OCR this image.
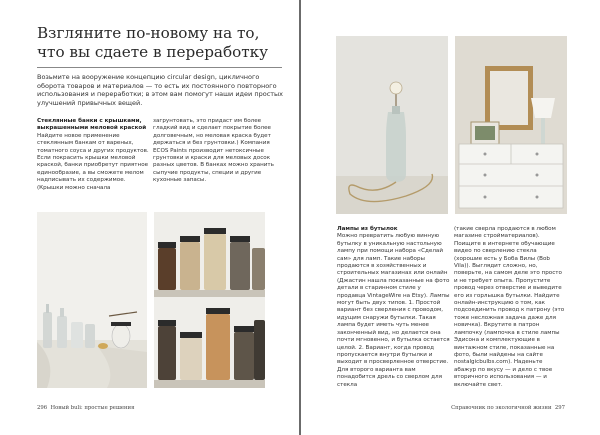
Взгляните по-новому на то,
что вы сдаете в переработку

Возьмите на вооружение концепцию circular design, цикличного оборота товаров и материалов — то есть их постоянного повторного использования и переработки; в этом вам помогут наши идеи простых улучшений привычных вещей.

Стеклянные банки с крышками, выкрашенными меловой краской

Найдите новое применение стеклянным банкам от вареных, томатного соуса и других продуктов. Если покрасить крышки меловой краской, банки приобретут приятное единообразие, а вы сможете мелом надписывать их содержимое. (Крышки можно сначала

загрунтовать, это придаст им более гладкий вид и сделает покрытие более долговечным, но меловая краска будет держаться и без грунтовки.) Компания ECOS Paints производит нетоксичные грунтовки и краски для меловых досок разных цветов. В банках можно хранить сыпучие продукты, специи и другие кухонные запасы.

296 Новый buli: простые решения

Лампы из бутылок

Можно превратить любую винную бутылку в уникальную настольную лампу при помощи набора «Сделай сам» для ламп. Такие наборы продаются в хозяйственных и строительных магазинах или онлайн (Джастин нашла показанные на фото детали в старинном стиле у продавца VintageWire на Etsy). Лампы могут быть двух типов. 1. Простой вариант без сверления с проводом, идущим снаружи бутылки. Такая лампа будет иметь чуть менее законченный вид, но делается она почти мгновенно, и бутылка остается целой. 2. Вариант, когда провод пропускается внутри бутылки и выходит в просверленное отверстие. Для второго варианта вам понадобится дрель со сверлом для стекла

(такие сверла продаются в любом магазине стройматериалов). Поищите в интернете обучающие видео по сверлению стекла (хорошие есть у Боба Вилы (Bob Vila)). Выглядит сложно, но, поверьте, на самом деле это просто и не требует опыта. Пропустите провод через отверстие и выведите его из горлышка бутылки. Найдите онлайн-инструкцию о том, как подсоединить провод к патрону (это тоже несложная задача даже для новичка). Вкрутите в патрон лампочку (лампочка в стиле лампы Эдисона и комплектующие в винтажном стиле, показанные на фото, были найдены на сайте nostalgicbulbs.com). Наденьте абажур по вкусу — и дело с твое вторичного использования — и включайте свет.

Справочник по экологичной жизни 297
